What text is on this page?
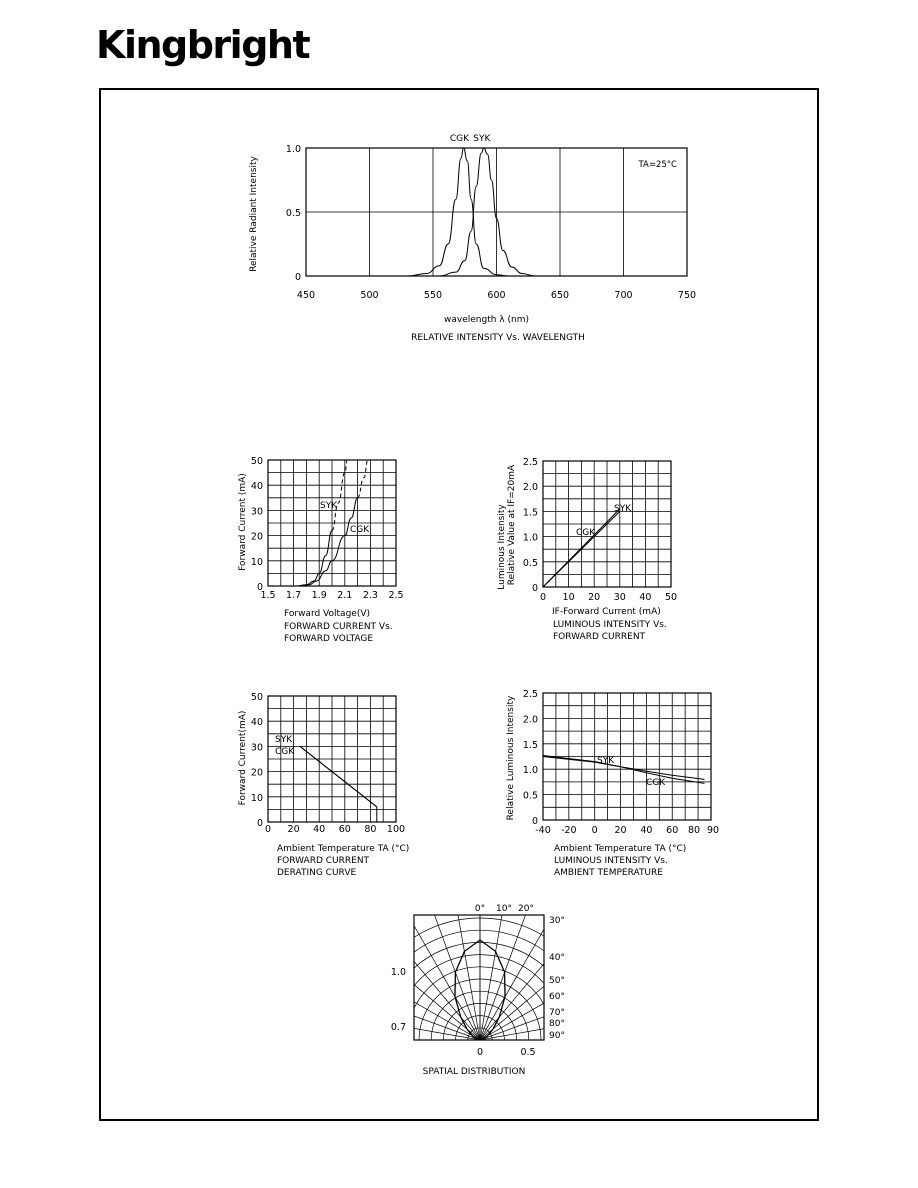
Kingbright
450	500	550	600	650	700	750
0
0.5
1.0
CGK SYK
TA=25°C
wavelength λ (nm)
Relative Radiant Intensity
RELATIVE INTENSITY Vs. WAVELENGTH
1.5 1.7 1.9 2.1 2.3 2.5
0
10
20
30
40
50
SYK
CGK
Forward Voltage(V)
Forward Current (mA)
FORWARD CURRENT Vs.
FORWARD VOLTAGE
0 10 20 30 40 50
0
0.5
1.0
1.5
2.0
2.5
SYK
CGK
IF-Forward Current (mA)
Luminous Intensity Relative Value at IF=20mA
LUMINOUS INTENSITY Vs.
FORWARD CURRENT
0 20 40 60 80 100
0
10
20
30
40
50
SYK
CGK
Ambient Temperature TA (°C)
Forward Current(mA)
FORWARD CURRENT
DERATING CURVE
-40 -20 0 20 40 60 80 90
0
0.5
1.0
1.5
2.0
2.5
SYK
CGK
Ambient Temperature TA (°C)
Relative Luminous Intensity
LUMINOUS INTENSITY Vs.
AMBIENT TEMPERATURE
0° 10° 20°
30°
40°
50°
60°
70°
80°
90°
1.0
0.7
0	0.5
SPATIAL DISTRIBUTION
